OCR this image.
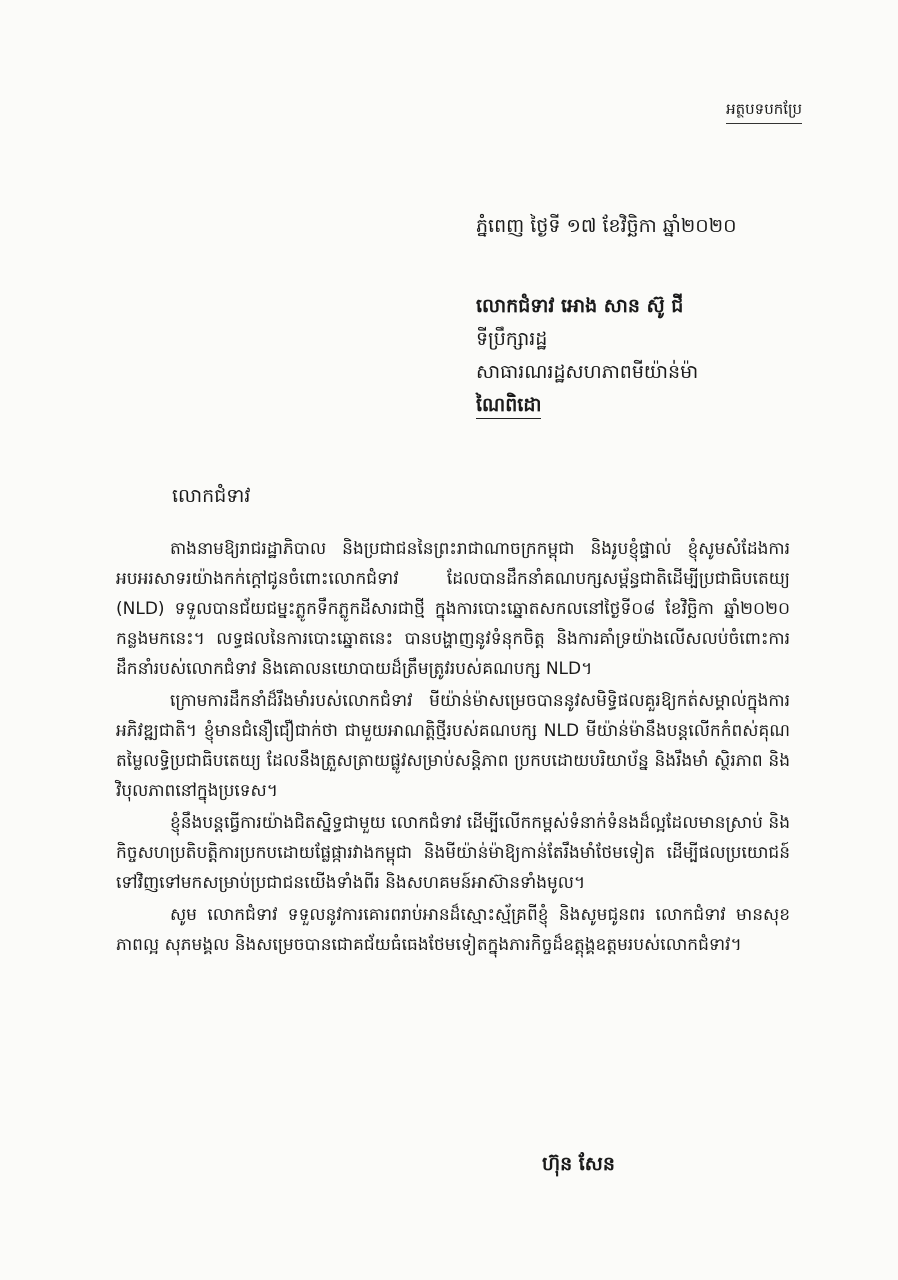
អត្ថបទបកប្រែ
ភ្នំពេញ ថ្ងៃទី ១៧ ខែវិច្ឆិកា ឆ្នាំ២០២០
លោកជំទាវ អោង សាន ស៊ូ ជី
ទីប្រឹក្សារដ្ឋ
សាធារណរដ្ឋសហភាពមីយ៉ាន់ម៉ា
ណៃពិដោ
លោកជំទាវ

តាងនាមឱ្យរាជរដ្ឋាភិបាល និងប្រជាជននៃព្រះរាជាណាចក្រកម្ពុជា និងរូបខ្ញុំផ្ទាល់ ខ្ញុំសូមសំដែងការអបអរសាទរយ៉ាងកក់ក្តៅជូនចំពោះលោកជំទាវ ដែលបានដឹកនាំគណបក្សសម្ព័ន្ធជាតិដើម្បីប្រជាធិបតេយ្យ (NLD) ទទួលបានជ័យជម្នះភ្លូកទឹកភ្លូកដីសារជាថ្មី ក្នុងការបោះឆ្នោតសកលនៅថ្ងៃទី០៨ ខែវិច្ឆិកា ឆ្នាំ២០២០ កន្លងមកនេះ។ លទ្ធផលនៃការបោះឆ្នោតនេះ បានបង្ហាញនូវទំនុកចិត្ត និងការគាំទ្រយ៉ាងលើសលប់ចំពោះការដឹកនាំរបស់លោកជំទាវ និងគោលនយោបាយដ៏ត្រឹមត្រូវរបស់គណបក្ស NLD។

ក្រោមការដឹកនាំដ៏រឹងមាំរបស់លោកជំទាវ មីយ៉ាន់ម៉ាសម្រេចបាននូវសមិទ្ធិផលគួរឱ្យកត់សម្គាល់ក្នុងការអភិវឌ្ឍជាតិ។ ខ្ញុំមានជំនឿជឿជាក់ថា ជាមួយអាណត្តិថ្មីរបស់គណបក្ស NLD មីយ៉ាន់ម៉ានឹងបន្តលើកកំពស់គុណតម្លៃលទ្ធិប្រជាធិបតេយ្យ ដែលនឹងត្រួសត្រាយផ្លូវសម្រាប់សន្តិភាព ប្រកបដោយបរិយាប័ន្ន និងរឹងមាំ ស្ថិរភាព និងវិបុលភាពនៅក្នុងប្រទេស។

ខ្ញុំនឹងបន្តធ្វើការយ៉ាងជិតស្និទ្ធជាមួយ លោកជំទាវ ដើម្បីលើកកម្ពស់ទំនាក់ទំនងដ៏ល្អដែលមានស្រាប់ និងកិច្ចសហប្រតិបត្តិការប្រកបដោយផ្លែផ្ការវាងកម្ពុជា និងមីយ៉ាន់ម៉ាឱ្យកាន់តែរឹងមាំថែមទៀត ដើម្បីផលប្រយោជន៍ទៅវិញទៅមកសម្រាប់ប្រជាជនយើងទាំងពីរ និងសហគមន៍អាស៊ានទាំងមូល។

សូម លោកជំទាវ ទទួលនូវការគោរពរាប់អានដ៏ស្មោះស្ម័គ្រពីខ្ញុំ និងសូមជូនពរ លោកជំទាវ មានសុខភាពល្អ សុភមង្គល និងសម្រេចបានជោគជ័យធំធេងថែមទៀតក្នុងភារកិច្ចដ៏ឧត្តុង្គឧត្តមរបស់លោកជំទាវ។

ហ៊ុន សែន
